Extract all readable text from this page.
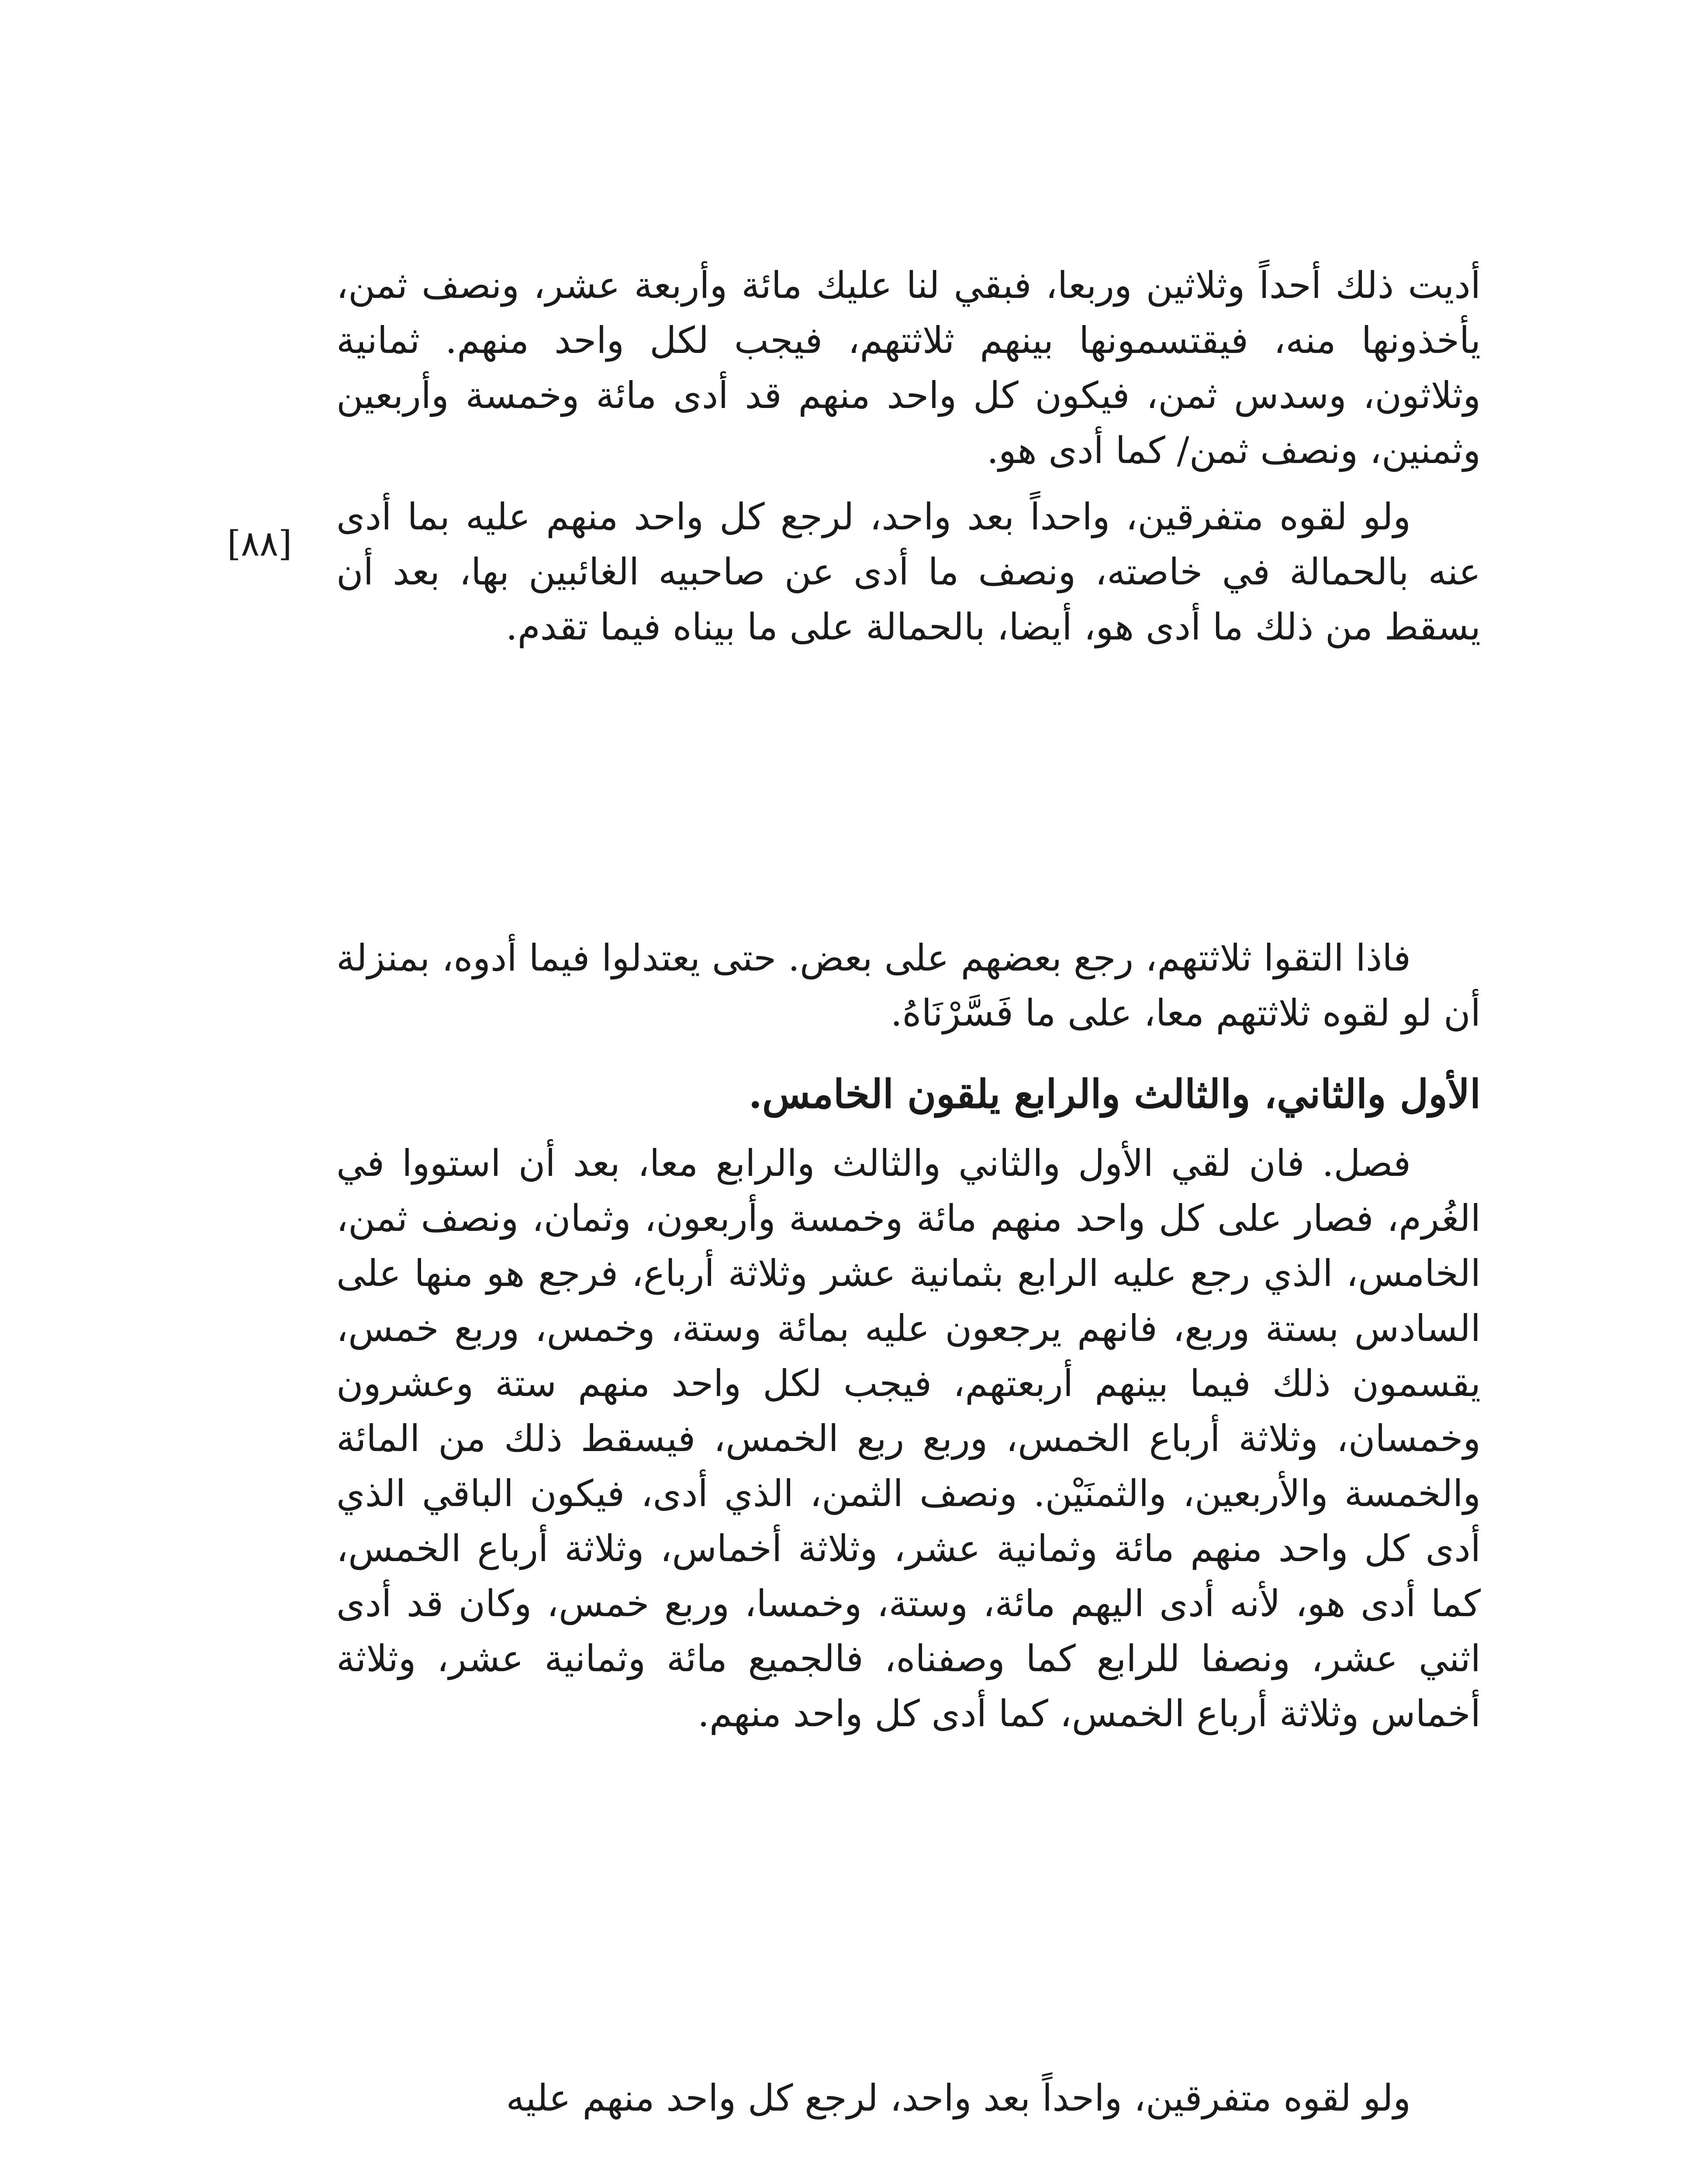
أديت ذلك أحداً وثلاثين وربعا، فبقي لنا عليك مائة وأربعة عشر، ونصف ثمن، يأخذونها منه، فيقتسمونها بينهم ثلاثتهم، فيجب لكل واحد منهم. ثمانية وثلاثون، وسدس ثمن، فيكون كل واحد منهم قد أدى مائة وخمسة وأربعين وثمنين، ونصف ثمن/ كما أدى هو.

[٨٨]

ولو لقوه متفرقين، واحداً بعد واحد، لرجع كل واحد منهم عليه بما أدى عنه بالحمالة في خاصته، ونصف ما أدى عن صاحبيه الغائبين بها، بعد أن يسقط من ذلك ما أدى هو، أيضا، بالحمالة على ما بيناه فيما تقدم.

فاذا التقوا ثلاثتهم، رجع بعضهم على بعض. حتى يعتدلوا فيما أدوه، بمنزلة أن لو لقوه ثلاثتهم معا، على ما فَسَّرْنَاهُ.

الأول والثاني، والثالث والرابع يلقون الخامس.

فصل. فان لقي الأول والثاني والثالث والرابع معا، بعد أن استووا في الغُرم، فصار على كل واحد منهم مائة وخمسة وأربعون، وثمان، ونصف ثمن، الخامس، الذي رجع عليه الرابع بثمانية عشر وثلاثة أرباع، فرجع هو منها على السادس بستة وربع، فانهم يرجعون عليه بمائة وستة، وخمس، وربع خمس، يقسمون ذلك فيما بينهم أربعتهم، فيجب لكل واحد منهم ستة وعشرون وخمسان، وثلاثة أرباع الخمس، وربع ربع الخمس، فيسقط ذلك من المائة والخمسة والأربعين، والثمنَيْن. ونصف الثمن، الذي أدى، فيكون الباقي الذي أدى كل واحد منهم مائة وثمانية عشر، وثلاثة أخماس، وثلاثة أرباع الخمس، كما أدى هو، لأنه أدى اليهم مائة، وستة، وخمسا، وربع خمس، وكان قد أدى اثني عشر، ونصفا للرابع كما وصفناه، فالجميع مائة وثمانية عشر، وثلاثة أخماس وثلاثة أرباع الخمس، كما أدى كل واحد منهم.

ولو لقوه متفرقين، واحداً بعد واحد، لرجع كل واحد منهم عليه
